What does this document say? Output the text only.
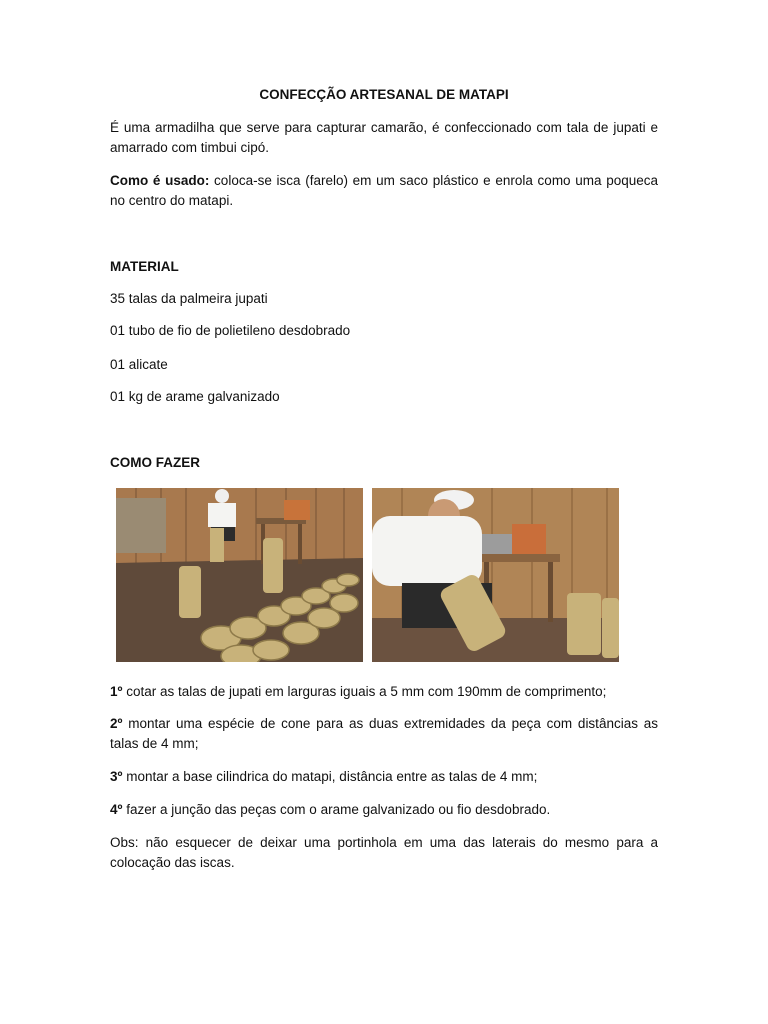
CONFECÇÃO ARTESANAL DE MATAPI
É uma armadilha que serve para capturar camarão, é confeccionado com tala de jupati e amarrado com timbui cipó.
Como é usado: coloca-se isca (farelo) em um saco plástico e enrola como uma poqueca no centro do matapi.
MATERIAL
35 talas da palmeira jupati
01 tubo de fio de polietileno desdobrado
01 alicate
01 kg de arame galvanizado
COMO FAZER
1º cotar as talas de jupati em larguras iguais a 5 mm com 190mm de comprimento;
2º montar uma espécie de cone para as duas extremidades da peça com distâncias as talas de 4 mm;
3º montar a base cilindrica do matapi, distância entre as talas de 4 mm;
4º fazer a junção das peças com o arame galvanizado ou fio desdobrado.
Obs: não esquecer de deixar uma portinhola em uma das laterais do mesmo para a colocação das iscas.
